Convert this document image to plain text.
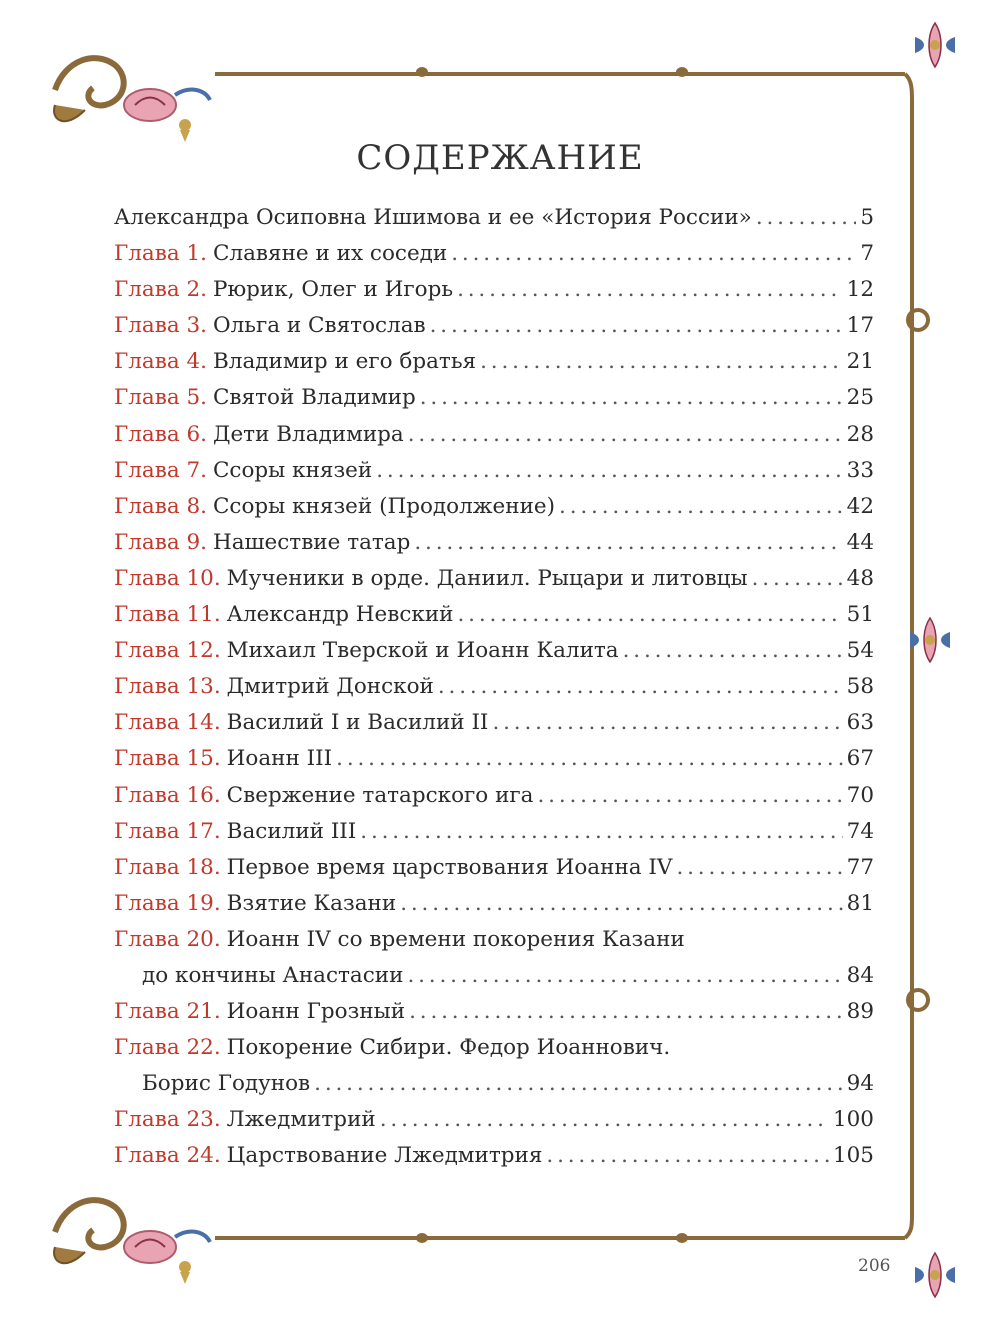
СОДЕРЖАНИЕ
Александра Осиповна Ишимова и ее «История России» . . .	5
Глава 1. Славяне и их соседи . . .	7
Глава 2. Рюрик, Олег и Игорь . . .	12
Глава 3. Ольга и Святослав . . .	17
Глава 4. Владимир и его братья . . .	21
Глава 5. Святой Владимир . . .	25
Глава 6. Дети Владимира . . .	28
Глава 7. Ссоры князей . . .	33
Глава 8. Ссоры князей (Продолжение) . . .	42
Глава 9. Нашествие татар . . .	44
Глава 10. Мученики в орде. Даниил. Рыцари и литовцы . . .	48
Глава 11. Александр Невский . . .	51
Глава 12. Михаил Тверской и Иоанн Калита . . .	54
Глава 13. Дмитрий Донской . . .	58
Глава 14. Василий I и Василий II . . .	63
Глава 15. Иоанн III . . .	67
Глава 16. Свержение татарского ига . . .	70
Глава 17. Василий III . . .	74
Глава 18. Первое время царствования Иоанна IV . . .	77
Глава 19. Взятие Казани . . .	81
Глава 20. Иоанн IV со времени покорения Казани
до кончины Анастасии . . .	84
Глава 21. Иоанн Грозный . . .	89
Глава 22. Покорение Сибири. Федор Иоаннович.
Борис Годунов . . .	94
Глава 23. Лжедмитрий . . .	100
Глава 24. Царствование Лжедмитрия . . .	105
206
